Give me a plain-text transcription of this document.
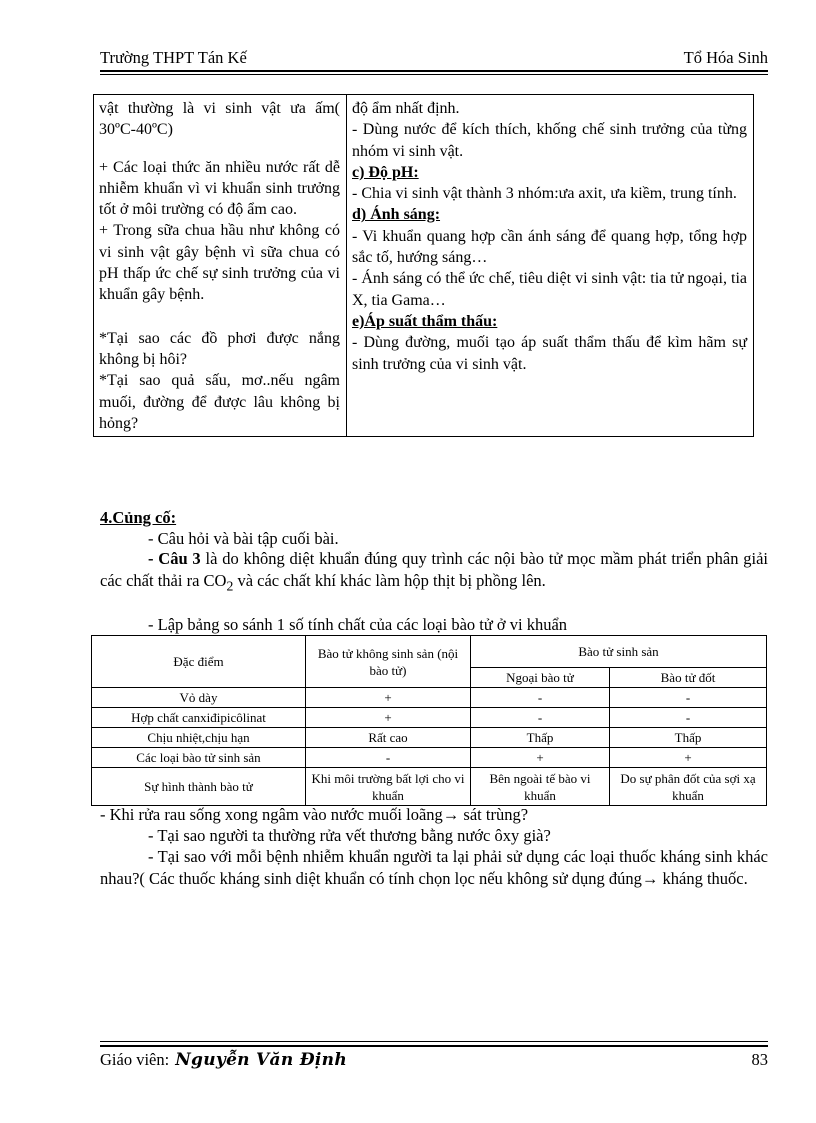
Trường THPT Tán Kế	Tổ Hóa Sinh

vật thường là vi sinh vật ưa ấm( 30ºC-40ºC)

+ Các loại thức ăn nhiều nước rất dễ nhiễm khuẩn vì vi khuẩn sinh trưởng tốt ở môi trường có độ ẩm cao.

+ Trong sữa chua hầu như không có vi sinh vật gây bệnh vì sữa chua có pH thấp ức chế sự sinh trưởng của vi khuẩn gây bệnh.

*Tại sao các đồ phơi được nắng không bị hôi?

*Tại sao quả sấu, mơ..nếu ngâm muối, đường để được lâu không bị hỏng?

độ ẩm nhất định.

- Dùng nước để kích thích, khống chế sinh trưởng của từng nhóm vi sinh vật.

c) Độ pH:

- Chia vi sinh vật thành 3 nhóm:ưa axit, ưa kiềm, trung tính.

d) Ánh sáng:

- Vi khuẩn quang hợp cần ánh sáng để quang hợp, tổng hợp sắc tố, hướng sáng…

- Ánh sáng có thể ức chế, tiêu diệt vi sinh vật: tia tử ngoại, tia X, tia Gama…

e)Áp suất thẩm thấu:

- Dùng đường, muối tạo áp suất thẩm thấu để kìm hãm sự sinh trưởng của vi sinh vật.

4.Củng cố:
- Câu hỏi và bài tập cuối bài.
- Câu 3 là do không diệt khuẩn đúng quy trình các nội bào tử mọc mầm phát triển phân giải các chất thải ra $CO_2$ và các chất khí khác làm hộp thịt bị phồng lên.
- Lập bảng so sánh 1 số tính chất của các loại bào tử ở vi khuẩn
Đặc điểm	Bào tử không sinh sản (nội bào tử)	Bào tử sinh sản	
		Ngoại bào tử	Bào tử đốt
Vỏ dày	+	-	-
Hợp chất canxiđipicôlinat	+	-	-
Chịu nhiệt,chịu hạn	Rất cao	Thấp	Thấp
Các loại bào tử sinh sản	-	+	+
Sự hình thành bào tử	Khi môi trường bất lợi cho vi khuẩn	Bên ngoài tế bào vi khuẩn	Do sự phân đốt của sợi xạ khuẩn
- Khi rửa rau sống xong ngâm vào nước muối loãng→ sát trùng?
- Tại sao người ta thường rửa vết thương bằng nước ôxy già?
- Tại sao với mỗi bệnh nhiễm khuẩn người ta lại phải sử dụng các loại thuốc kháng sinh khác nhau?( Các thuốc kháng sinh diệt khuẩn có tính chọn lọc nếu không sử dụng đúng→ kháng thuốc.
Giáo viên: Nguyễn Văn Định	83
